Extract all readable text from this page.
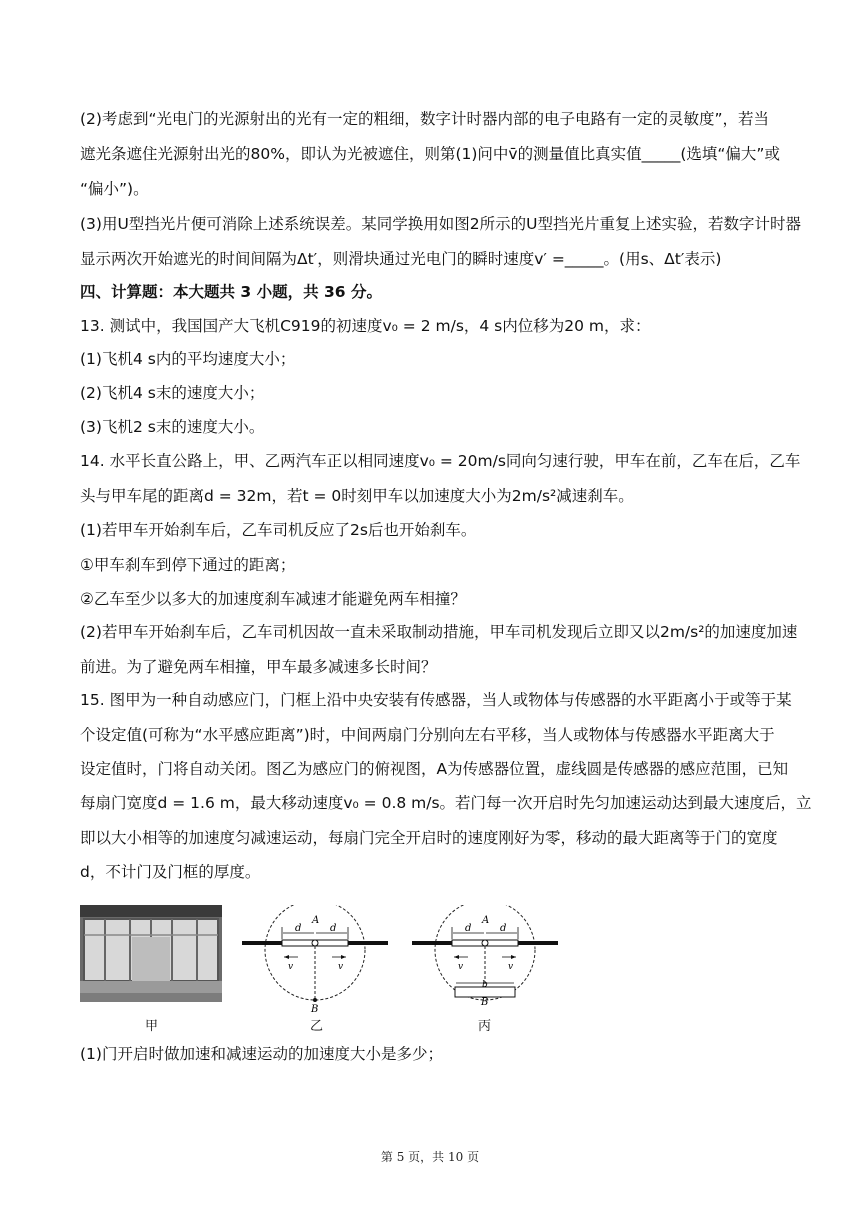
(2)考虑到“光电门的光源射出的光有一定的粗细，数字计时器内部的电子电路有一定的灵敏度”，若当
遮光条遮住光源射出光的80%，即认为光被遮住，则第(1)问中v̄的测量值比真实值_____(选填“偏大”或
“偏小”)。
(3)用U型挡光片便可消除上述系统误差。某同学换用如图2所示的U型挡光片重复上述实验，若数字计时器
显示两次开始遮光的时间间隔为Δt′，则滑块通过光电门的瞬时速度v′ =_____。(用s、Δt′表示)
四、计算题：本大题共 3 小题，共 36 分。
13. 测试中，我国国产大飞机C919的初速度v₀ = 2 m/s，4 s内位移为20 m，求：
(1)飞机4 s内的平均速度大小；
(2)飞机4 s末的速度大小；
(3)飞机2 s末的速度大小。
14. 水平长直公路上，甲、乙两汽车正以相同速度v₀ = 20m/s同向匀速行驶，甲车在前，乙车在后，乙车
头与甲车尾的距离d = 32m，若t = 0时刻甲车以加速度大小为2m/s²减速刹车。
(1)若甲车开始刹车后，乙车司机反应了2s后也开始刹车。
①甲车刹车到停下通过的距离；
②乙车至少以多大的加速度刹车减速才能避免两车相撞？
(2)若甲车开始刹车后，乙车司机因故一直未采取制动措施，甲车司机发现后立即又以2m/s²的加速度加速
前进。为了避免两车相撞，甲车最多减速多长时间？
15. 图甲为一种自动感应门，门框上沿中央安装有传感器，当人或物体与传感器的水平距离小于或等于某
个设定值(可称为“水平感应距离”)时，中间两扇门分别向左右平移，当人或物体与传感器水平距离大于
设定值时，门将自动关闭。图乙为感应门的俯视图，A为传感器位置，虚线圆是传感器的感应范围，已知
每扇门宽度d = 1.6 m，最大移动速度v₀ = 0.8 m/s。若门每一次开启时先匀加速运动达到最大速度后，立
即以大小相等的加速度匀减速运动，每扇门完全开启时的速度刚好为零，移动的最大距离等于门的宽度
d，不计门及门框的厚度。
甲
A
d	d
v	v
B
乙
A
d	d
v	v
b
B
丙
(1)门开启时做加速和减速运动的加速度大小是多少；
第 5 页，共 10 页
